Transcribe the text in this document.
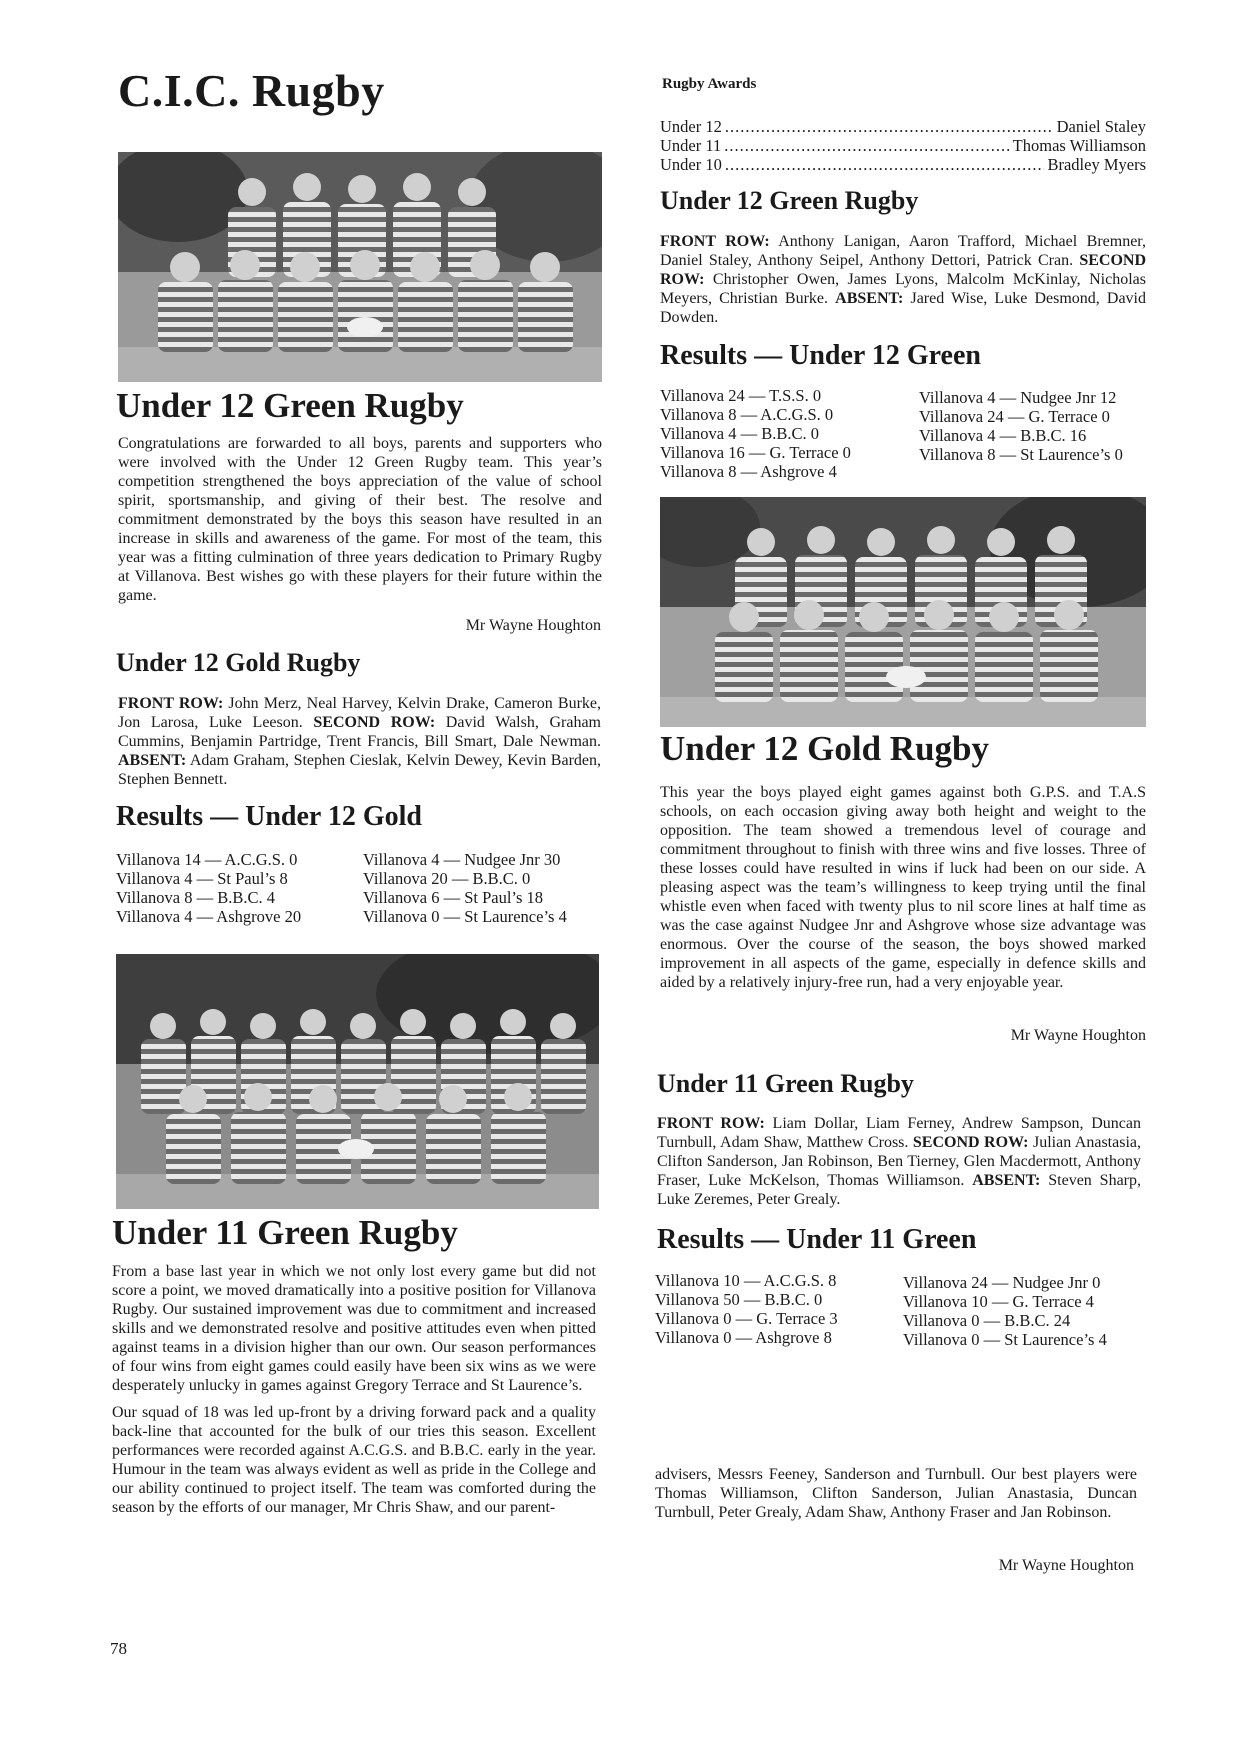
C.I.C. Rugby
Under 12 Green Rugby

Congratulations are forwarded to all boys, parents and supporters who were involved with the Under 12 Green Rugby team. This year’s competition strengthened the boys appreciation of the value of school spirit, sportsmanship, and giving of their best. The resolve and commitment demonstrated by the boys this season have resulted in an increase in skills and awareness of the game. For most of the team, this year was a fitting culmination of three years dedication to Primary Rugby at Villanova. Best wishes go with these players for their future within the game.

Mr Wayne Houghton
Under 12 Gold Rugby
FRONT ROW: John Merz, Neal Harvey, Kelvin Drake, Cameron Burke, Jon Larosa, Luke Leeson. SECOND ROW: David Walsh, Graham Cummins, Benjamin Partridge, Trent Francis, Bill Smart, Dale Newman. ABSENT: Adam Graham, Stephen Cieslak, Kelvin Dewey, Kevin Barden, Stephen Bennett.
Results — Under 12 Gold
Villanova 14 — A.C.G.S. 0
Villanova 4 — St Paul’s 8
Villanova 8 — B.B.C. 4
Villanova 4 — Ashgrove 20
Villanova 4 — Nudgee Jnr 30
Villanova 20 — B.B.C. 0
Villanova 6 — St Paul’s 18
Villanova 0 — St Laurence’s 4
Under 11 Green Rugby

From a base last year in which we not only lost every game but did not score a point, we moved dramatically into a positive position for Villanova Rugby. Our sustained improvement was due to commitment and increased skills and we demonstrated resolve and positive attitudes even when pitted against teams in a division higher than our own. Our season performances of four wins from eight games could easily have been six wins as we were desperately unlucky in games against Gregory Terrace and St Laurence’s.

Our squad of 18 was led up-front by a driving forward pack and a quality back-line that accounted for the bulk of our tries this season. Excellent performances were recorded against A.C.G.S. and B.B.C. early in the year. Humour in the team was always evident as well as pride in the College and our ability continued to project itself. The team was comforted during the season by the efforts of our manager, Mr Chris Shaw, and our parent-

78
Rugby Awards
Under 12 .....	Daniel Staley
Under 11 .....	Thomas Williamson
Under 10 .....	Bradley Myers
Under 12 Green Rugby
FRONT ROW: Anthony Lanigan, Aaron Trafford, Michael Bremner, Daniel Staley, Anthony Seipel, Anthony Dettori, Patrick Cran. SECOND ROW: Christopher Owen, James Lyons, Malcolm McKinlay, Nicholas Meyers, Christian Burke. ABSENT: Jared Wise, Luke Desmond, David Dowden.
Results — Under 12 Green
Villanova 24 — T.S.S. 0
Villanova 8 — A.C.G.S. 0
Villanova 4 — B.B.C. 0
Villanova 16 — G. Terrace 0
Villanova 8 — Ashgrove 4
Villanova 4 — Nudgee Jnr 12
Villanova 24 — G. Terrace 0
Villanova 4 — B.B.C. 16
Villanova 8 — St Laurence’s 0
Under 12 Gold Rugby

This year the boys played eight games against both G.P.S. and T.A.S schools, on each occasion giving away both height and weight to the opposition. The team showed a tremendous level of courage and commitment throughout to finish with three wins and five losses. Three of these losses could have resulted in wins if luck had been on our side. A pleasing aspect was the team’s willingness to keep trying until the final whistle even when faced with twenty plus to nil score lines at half time as was the case against Nudgee Jnr and Ashgrove whose size advantage was enormous. Over the course of the season, the boys showed marked improvement in all aspects of the game, especially in defence skills and aided by a relatively injury-free run, had a very enjoyable year.

Mr Wayne Houghton
Under 11 Green Rugby
FRONT ROW: Liam Dollar, Liam Ferney, Andrew Sampson, Duncan Turnbull, Adam Shaw, Matthew Cross. SECOND ROW: Julian Anastasia, Clifton Sanderson, Jan Robinson, Ben Tierney, Glen Macdermott, Anthony Fraser, Luke McKelson, Thomas Williamson. ABSENT: Steven Sharp, Luke Zeremes, Peter Grealy.
Results — Under 11 Green
Villanova 10 — A.C.G.S. 8
Villanova 50 — B.B.C. 0
Villanova 0 — G. Terrace 3
Villanova 0 — Ashgrove 8
Villanova 24 — Nudgee Jnr 0
Villanova 10 — G. Terrace 4
Villanova 0 — B.B.C. 24
Villanova 0 — St Laurence’s 4

advisers, Messrs Feeney, Sanderson and Turnbull. Our best players were Thomas Williamson, Clifton Sanderson, Julian Anastasia, Duncan Turnbull, Peter Grealy, Adam Shaw, Anthony Fraser and Jan Robinson.

Mr Wayne Houghton
